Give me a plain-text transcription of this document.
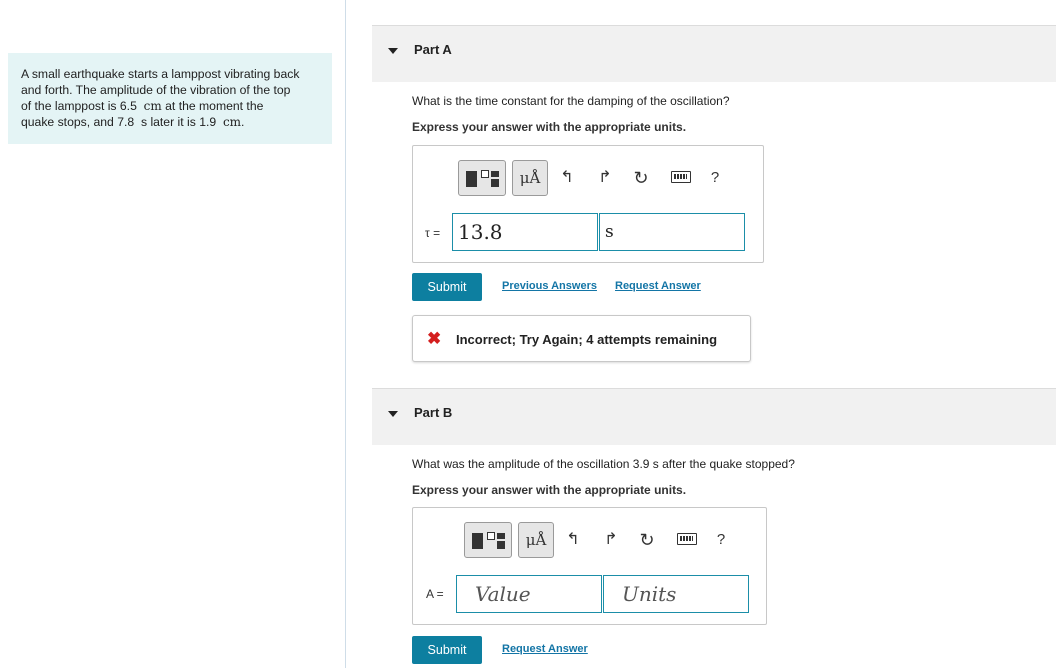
A small earthquake starts a lamppost vibrating back
and forth. The amplitude of the vibration of the top
of the lamppost is 6.5 cm at the moment the
quake stops, and 7.8 s later it is 1.9 cm.
Part A
What is the time constant for the damping of the oscillation?
Express your answer with the appropriate units.
μÅ	↰ ↱ ↻	?
τ = 13.8	s
Submit	Previous Answers Request Answer
✖ Incorrect; Try Again; 4 attempts remaining
Part B
What was the amplitude of the oscillation 3.9 s after the quake stopped?
Express your answer with the appropriate units.
μÅ	↰ ↱ ↻	?
A =	Value	Units
Submit	Request Answer
